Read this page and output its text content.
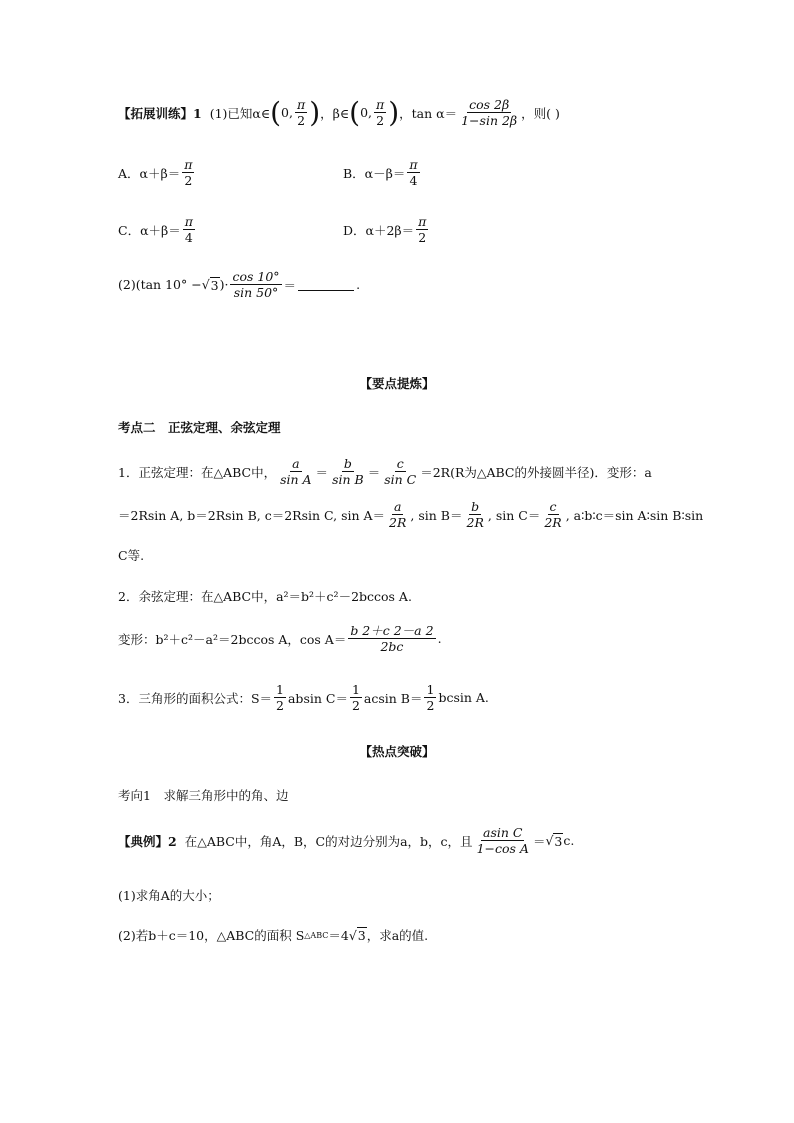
【拓展训练】1 (1)已知α∈ ( 0, $\frac{\pi}{2}$ ) ，β∈ ( 0, $\frac{\pi}{2}$ ) ，$\tan \alpha= \frac{\cos 2\beta}{1-\sin 2\beta}$ ，则( )
A．$\alpha+\beta= \frac{\pi}{2}$	B．$\alpha-\beta= \frac{\pi}{4}$
C．$\alpha+\beta= \frac{\pi}{4}$	D．$\alpha+2\beta= \frac{\pi}{2}$
(2)(tan 10° − √ 3 )· $\frac{\cos 10^\circ}{\sin 50^\circ}$ ＝	.
【要点提炼】
考点二　正弦定理、余弦定理
1．正弦定理：在△ABC中， $\frac{a}{\text{sin A}} = \frac{b}{\text{sin B}} = \frac{c}{\text{sin C}} =2R(R$为△ABC的外接圆半径)．变形：a
＝2Rsin A, b＝2Rsin B, c＝2Rsin C, $\sin A= \frac{a}{2R}$ , $\sin B= \frac{b}{2R}$ , $\sin C= \frac{c}{2R}$ , a∶b∶c＝sin A∶sin B∶sin
C等.
2．余弦定理：在△ABC中，a²＝b²＋c²－2bccos A.
变形：b²＋c²－a²＝2bccos A，$\cos A= \frac{b 2+c 2-a 2}{2bc}$ .
3．三角形的面积公式：$S= \frac{1}{2}$ absin $C= \frac{1}{2}$ acsin $B= \frac{1}{2}$ bcsin A.
【热点突破】
考向1　求解三角形中的角、边
【典例】2 在△ABC中，角A，B，C的对边分别为a，b，c，且 $\frac{\text{asin C}}{\text{1−cos A}}$ ＝ √ 3 c.
(1)求角A的大小；
(2)若b＋c＝10，△ABC的面积 S △ABC ＝4 √ 3 ，求a的值.
